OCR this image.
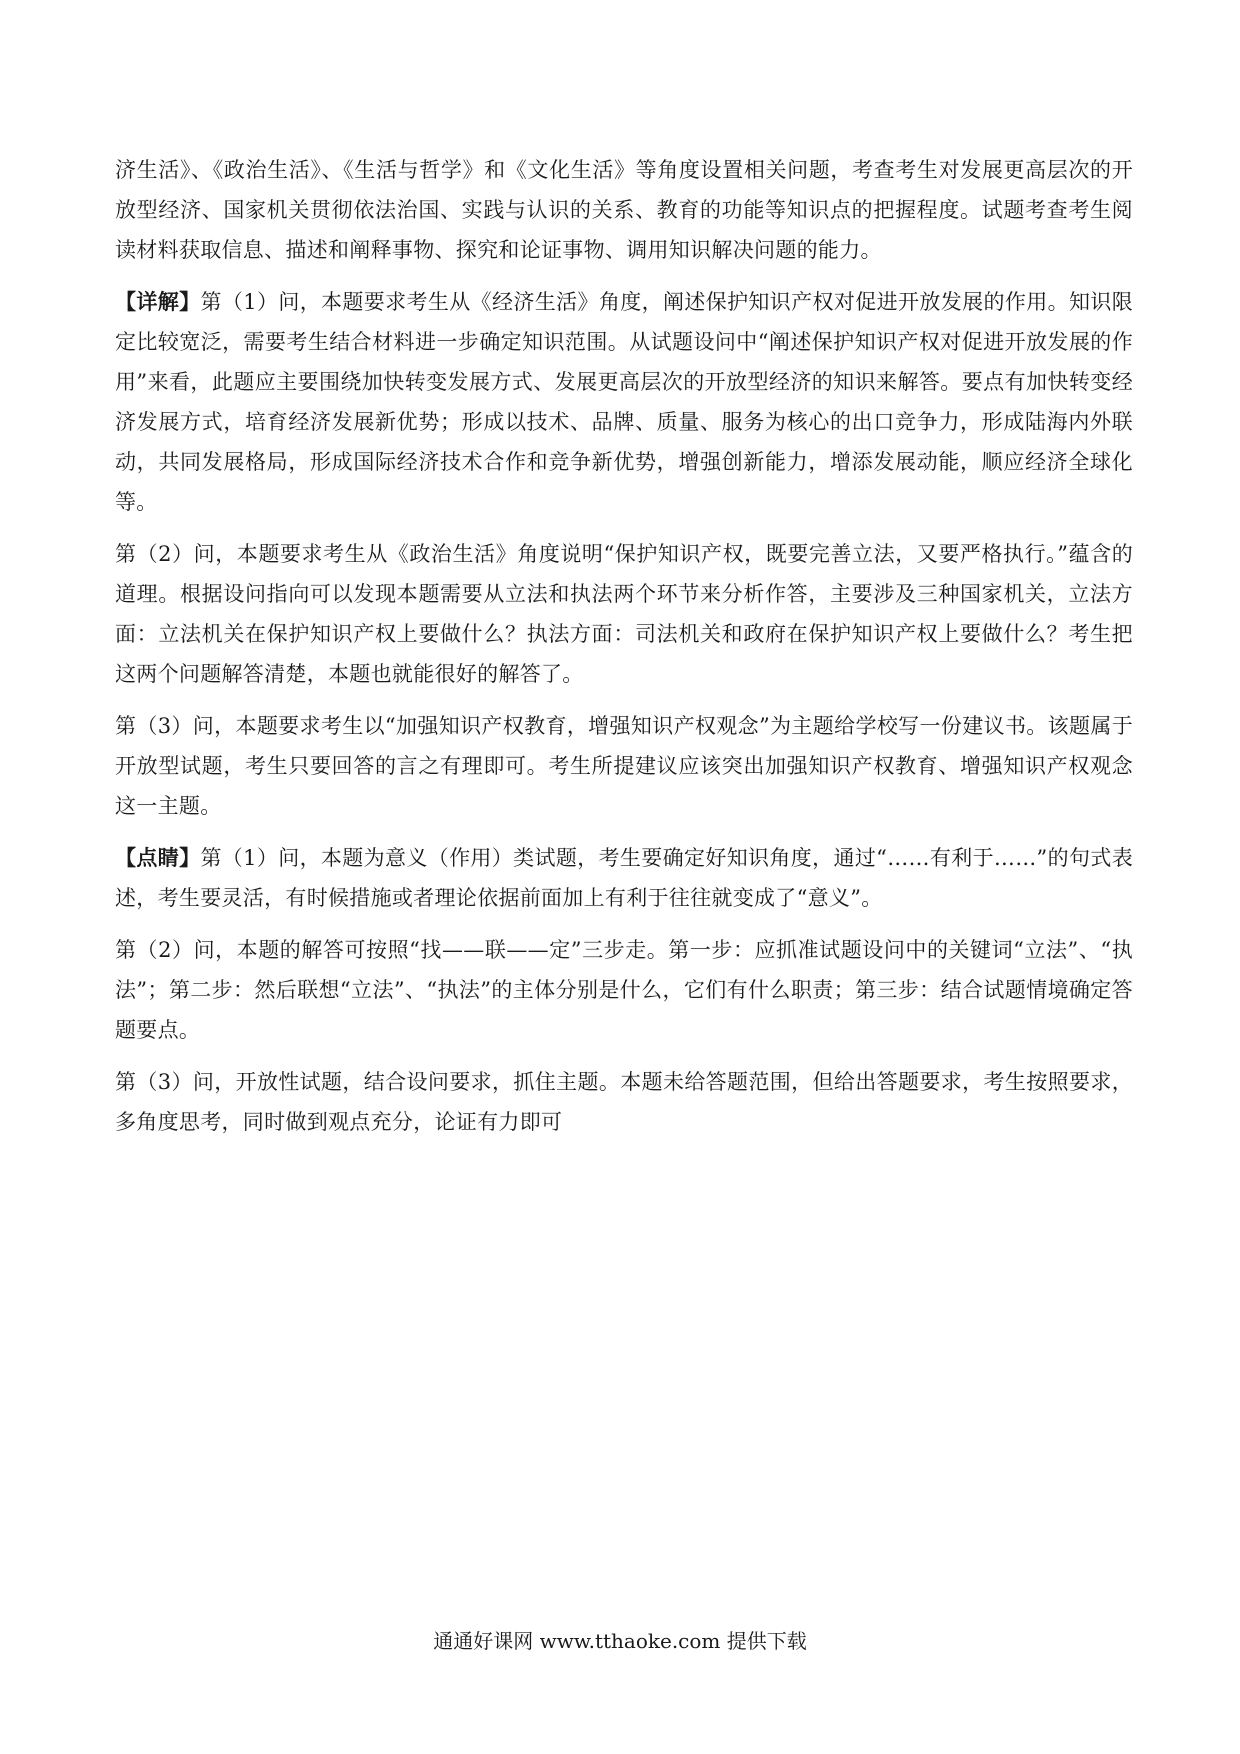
济生活》、《政治生活》、《生活与哲学》和《文化生活》等角度设置相关问题，考查考生对发展更高层次的开放型经济、国家机关贯彻依法治国、实践与认识的关系、教育的功能等知识点的把握程度。试题考查考生阅读材料获取信息、描述和阐释事物、探究和论证事物、调用知识解决问题的能力。

【详解】第（1）问，本题要求考生从《经济生活》角度，阐述保护知识产权对促进开放发展的作用。知识限定比较宽泛，需要考生结合材料进一步确定知识范围。从试题设问中“阐述保护知识产权对促进开放发展的作用”来看，此题应主要围绕加快转变发展方式、发展更高层次的开放型经济的知识来解答。要点有加快转变经济发展方式，培育经济发展新优势；形成以技术、品牌、质量、服务为核心的出口竞争力，形成陆海内外联动，共同发展格局，形成国际经济技术合作和竞争新优势，增强创新能力，增添发展动能，顺应经济全球化等。

第（2）问，本题要求考生从《政治生活》角度说明“保护知识产权，既要完善立法，又要严格执行。”蕴含的道理。根据设问指向可以发现本题需要从立法和执法两个环节来分析作答，主要涉及三种国家机关，立法方面：立法机关在保护知识产权上要做什么？执法方面：司法机关和政府在保护知识产权上要做什么？考生把这两个问题解答清楚，本题也就能很好的解答了。

第（3）问，本题要求考生以“加强知识产权教育，增强知识产权观念”为主题给学校写一份建议书。该题属于开放型试题，考生只要回答的言之有理即可。考生所提建议应该突出加强知识产权教育、增强知识产权观念这一主题。

【点睛】第（1）问，本题为意义（作用）类试题，考生要确定好知识角度，通过“……有利于……”的句式表述，考生要灵活，有时候措施或者理论依据前面加上有利于往往就变成了“意义”。

第（2）问，本题的解答可按照“找——联——定”三步走。第一步：应抓准试题设问中的关键词“立法”、“执法”；第二步：然后联想“立法”、“执法”的主体分别是什么，它们有什么职责；第三步：结合试题情境确定答题要点。

第（3）问，开放性试题，结合设问要求，抓住主题。本题未给答题范围，但给出答题要求，考生按照要求，多角度思考，同时做到观点充分，论证有力即可

通通好课网 www.tthaoke.com 提供下载
